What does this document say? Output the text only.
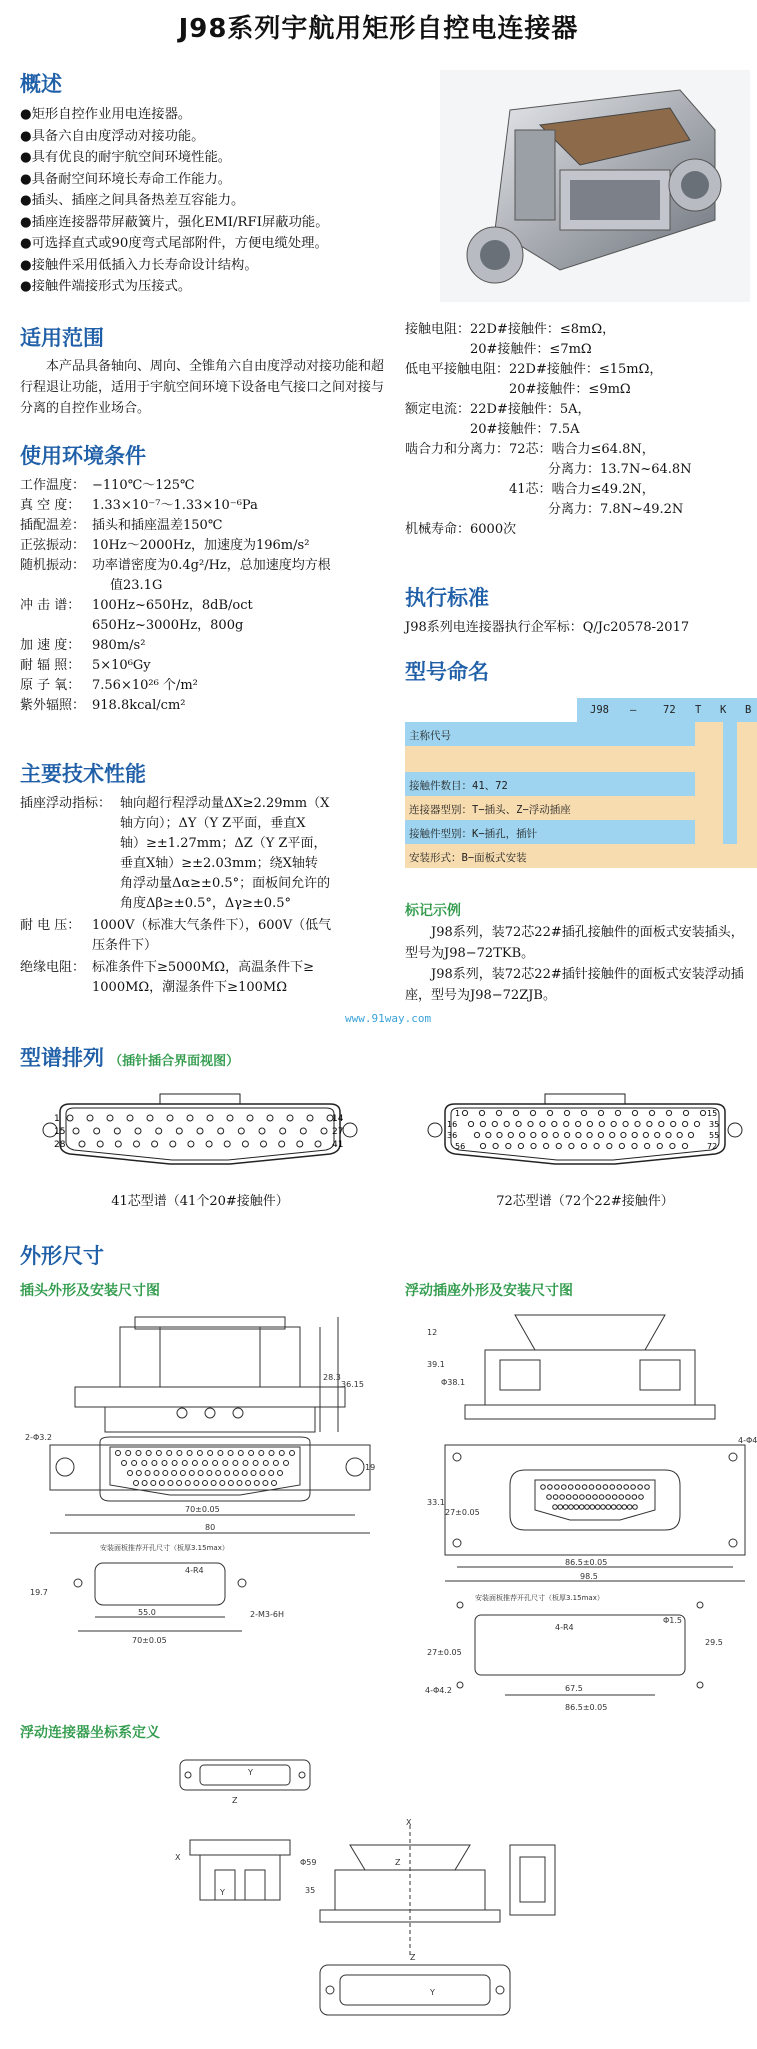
J98系列宇航用矩形自控电连接器
概述
●矩形自控作业用电连接器。
●具备六自由度浮动对接功能。
●具有优良的耐宇航空间环境性能。
●具备耐空间环境长寿命工作能力。
●插头、插座之间具备热差互容能力。
●插座连接器带屏蔽簧片，强化EMI/RFI屏蔽功能。
●可选择直式或90度弯式尾部附件，方便电缆处理。
●接触件采用低插入力长寿命设计结构。
●接触件端接形式为压接式。
适用范围
本产品具备轴向、周向、全锥角六自由度浮动对接功能和超行程退让功能，适用于宇航空间环境下设备电气接口之间对接与分离的自控作业场合。
使用环境条件
工作温度： −110℃～125℃
真 空 度： 1.33×10⁻⁷～1.33×10⁻⁶Pa
插配温差： 插头和插座温差150℃
正弦振动： 10Hz～2000Hz，加速度为196m/s²
随机振动： 功率谱密度为0.4g²/Hz，总加速度均方根
值23.1G
冲 击 谱： 100Hz~650Hz，8dB/oct
650Hz~3000Hz，800g
加 速 度： 980m/s²
耐 辐 照： 5×10⁶Gy
原 子 氧： 7.56×10²⁶ 个/m²
紫外辐照： 918.8kcal/cm²
主要技术性能
插座浮动指标： 轴向超行程浮动量ΔX≥2.29mm（X
轴方向）；ΔY（Y Z平面，垂直X
轴）≥±1.27mm；ΔZ（Y Z平面，
垂直X轴）≥±2.03mm；绕X轴转
角浮动量Δα≥±0.5°；面板间允许的
角度Δβ≥±0.5°，Δγ≥±0.5°
耐 电 压： 1000V（标准大气条件下），600V（低气
压条件下）
绝缘电阻： 标准条件下≥5000MΩ，高温条件下≥
1000MΩ，潮湿条件下≥100MΩ
接触电阻：22D#接触件：≤8mΩ，
　　　　　20#接触件：≤7mΩ
低电平接触电阻：22D#接触件：≤15mΩ，
　　　　　　　　20#接触件：≤9mΩ
额定电流：22D#接触件：5A，
　　　　　20#接触件：7.5A
啮合力和分离力：72芯：啮合力≤64.8N，
　　　　　　　　　　　分离力：13.7N~64.8N
　　　　　　　　41芯：啮合力≤49.2N，
　　　　　　　　　　　分离力：7.8N~49.2N
机械寿命：6000次
执行标准
J98系列电连接器执行企军标：Q/Jc20578-2017
型号命名
J98 —	72 T K B
主称代号
接触件数目：41、72
连接器型别：T−插头、Z−浮动插座
接触件型别：K−插孔，插针
安装形式：B−面板式安装
标记示例
J98系列，装72芯22#插孔接触件的面板式安装插头，型号为J98−72TKB。
J98系列，装72芯22#插针接触件的面板式安装浮动插座，型号为J98−72ZJB。
www.91way.com
型谱排列 （插针插合界面视图）
1	14
15	27
28	41
41芯型谱（41个20#接触件）
1	15
16	35
36	55
56	72
72芯型谱（72个22#接触件）
外形尺寸
插头外形及安装尺寸图	浮动插座外形及安装尺寸图
28.3
36.15
2-Φ3.2
19
70±0.05
80
安装面板推荐开孔尺寸（板厚3.15max）
4-R4
19.7
55.0
70±0.05
2-M3-6H
12
39.1
Φ38.1
33.1
27±0.05
4-Φ4
86.5±0.05
98.5
安装面板推荐开孔尺寸（板厚3.15max）
4-R4
Φ1.5
29.5
27±0.05
4-Φ4.2	67.5
86.5±0.05
浮动连接器坐标系定义
Y
Z
Y
X
Φ59
X
Z
35
Z
Y
